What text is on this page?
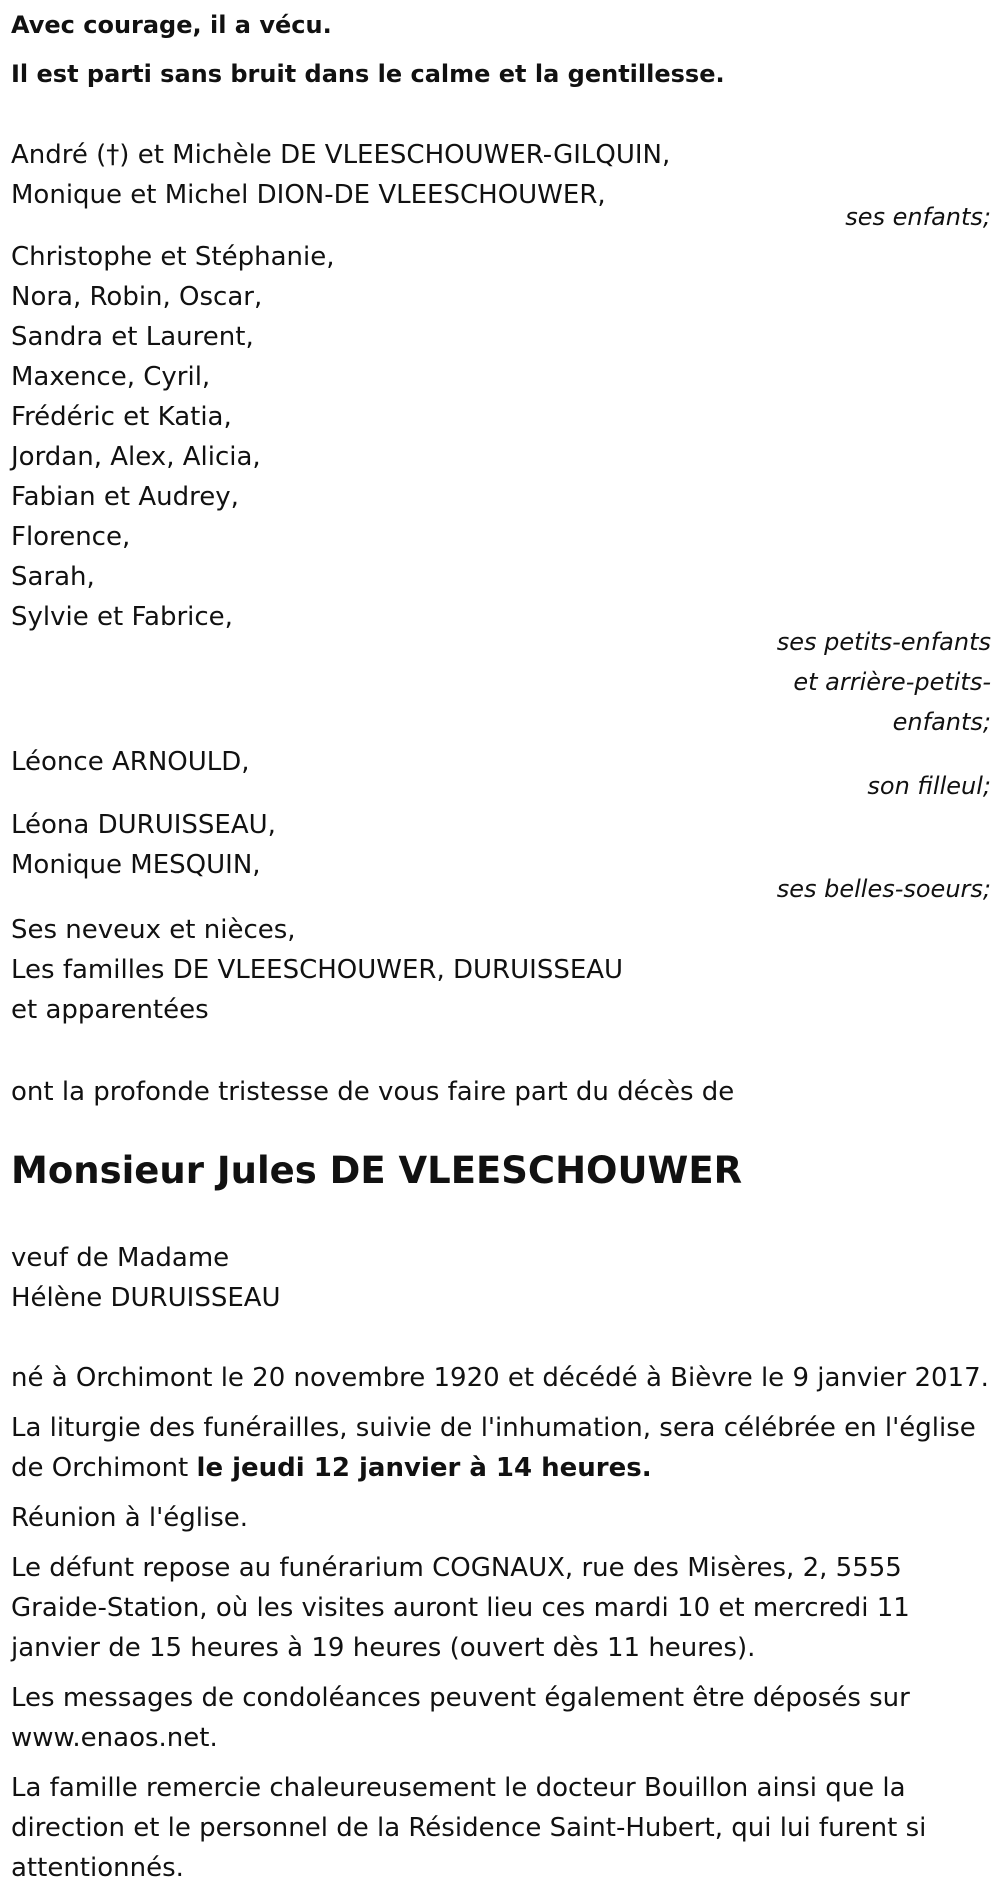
Avec courage, il a vécu.

Il est parti sans bruit dans le calme et la gentillesse.

André (†) et Michèle DE VLEESCHOUWER-GILQUIN,
Monique et Michel DION-DE VLEESCHOUWER,
ses enfants;
Christophe et Stéphanie,
Nora, Robin, Oscar,
Sandra et Laurent,
Maxence, Cyril,
Frédéric et Katia,
Jordan, Alex, Alicia,
Fabian et Audrey,
Florence,
Sarah,
Sylvie et Fabrice,
ses petits-enfants
et arrière-petits-
enfants;
Léonce ARNOULD,
son filleul;
Léona DURUISSEAU,
Monique MESQUIN,
ses belles-soeurs;
Ses neveux et nièces,
Les familles DE VLEESCHOUWER, DURUISSEAU
et apparentées
ont la profonde tristesse de vous faire part du décès de
Monsieur Jules DE VLEESCHOUWER
veuf de Madame
Hélène DURUISSEAU
né à Orchimont le 20 novembre 1920 et décédé à Bièvre le 9 janvier 2017.
La liturgie des funérailles, suivie de l'inhumation, sera célébrée en l'église de Orchimont le jeudi 12 janvier à 14 heures.
Réunion à l'église.
Le défunt repose au funérarium COGNAUX, rue des Misères, 2, 5555 Graide-Station, où les visites auront lieu ces mardi 10 et mercredi 11 janvier de 15 heures à 19 heures (ouvert dès 11 heures).
Les messages de condoléances peuvent également être déposés sur www.enaos.net.
La famille remercie chaleureusement le docteur Bouillon ainsi que la direction et le personnel de la Résidence Saint-Hubert, qui lui furent si attentionnés.
